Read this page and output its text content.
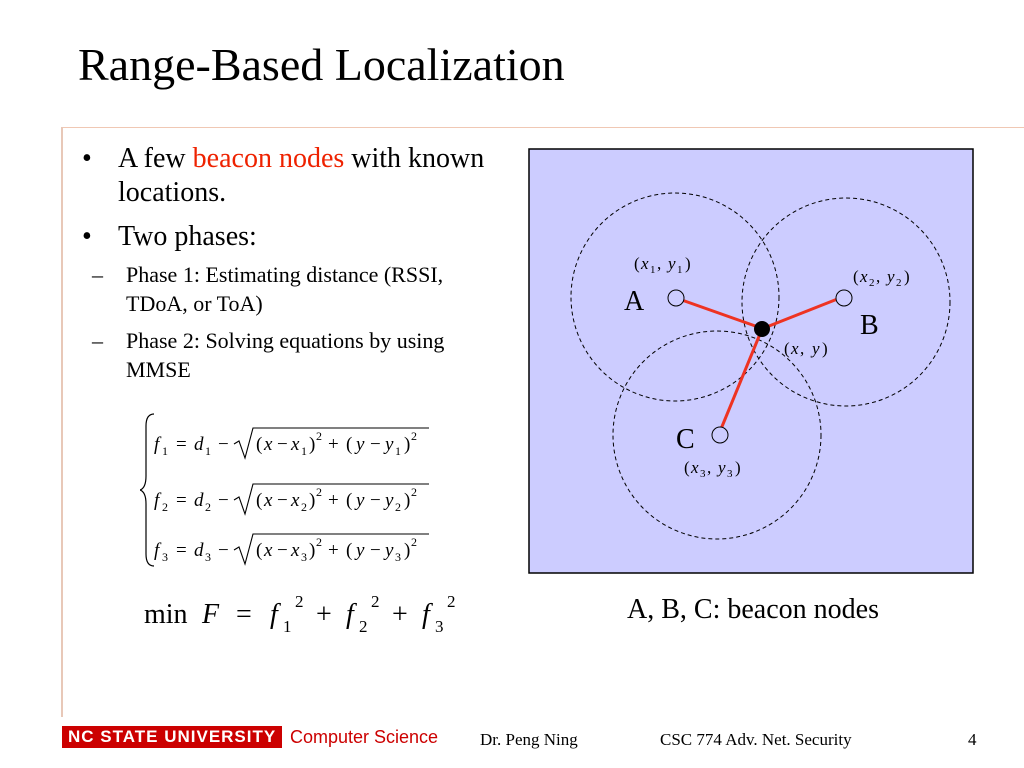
Range-Based Localization
• A few beacon nodes with known locations.
• Two phases:
– Phase 1: Estimating distance (RSSI, TDoA, or ToA)
– Phase 2: Solving equations by using MMSE
f 1 = d 1 − ( x − x 1 ) 2 + ( y − y 1 ) 2
f 2 = d 2 − ( x − x 2 ) 2 + ( y − y 2 ) 2
f 3 = d 3 − ( x − x 3 ) 2 + ( y − y 3 ) 2
min F = f 1
2 + f 2
2 + f 3
2
A
B
C
( x 1 , y 1 )
( x 2 , y 2 )
( x 3 , y 3 )
( x , y )
A, B, C: beacon nodes
NC STATE UNIVERSITY Computer Science Dr. Peng Ning	CSC 774 Adv. Net. Security	4
